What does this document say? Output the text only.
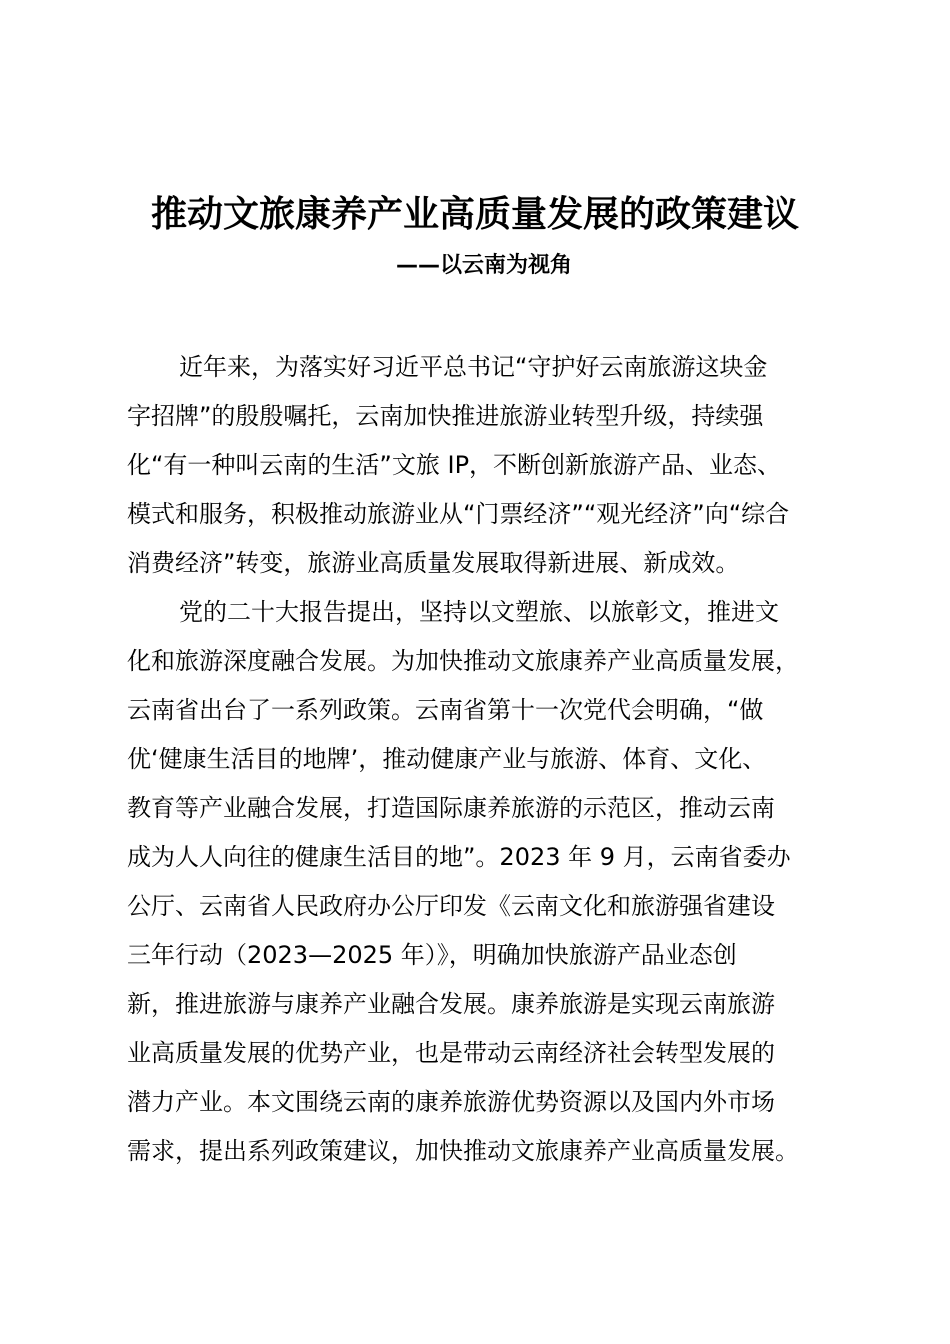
推动文旅康养产业高质量发展的政策建议
——以云南为视角
近年来，为落实好习近平总书记“守护好云南旅游这块金
字招牌”的殷殷嘱托，云南加快推进旅游业转型升级，持续强
化“有一种叫云南的生活”文旅 IP，不断创新旅游产品、业态、
模式和服务，积极推动旅游业从“门票经济”“观光经济”向“综合
消费经济”转变，旅游业高质量发展取得新进展、新成效。
党的二十大报告提出，坚持以文塑旅、以旅彰文，推进文
化和旅游深度融合发展。为加快推动文旅康养产业高质量发展，
云南省出台了一系列政策。云南省第十一次党代会明确，“做
优‘健康生活目的地牌’，推动健康产业与旅游、体育、文化、
教育等产业融合发展，打造国际康养旅游的示范区，推动云南
成为人人向往的健康生活目的地”。2023 年 9 月，云南省委办
公厅、云南省人民政府办公厅印发《云南文化和旅游强省建设
三年行动（2023—2025 年）》，明确加快旅游产品业态创
新，推进旅游与康养产业融合发展。康养旅游是实现云南旅游
业高质量发展的优势产业，也是带动云南经济社会转型发展的
潜力产业。本文围绕云南的康养旅游优势资源以及国内外市场
需求，提出系列政策建议，加快推动文旅康养产业高质量发展。
